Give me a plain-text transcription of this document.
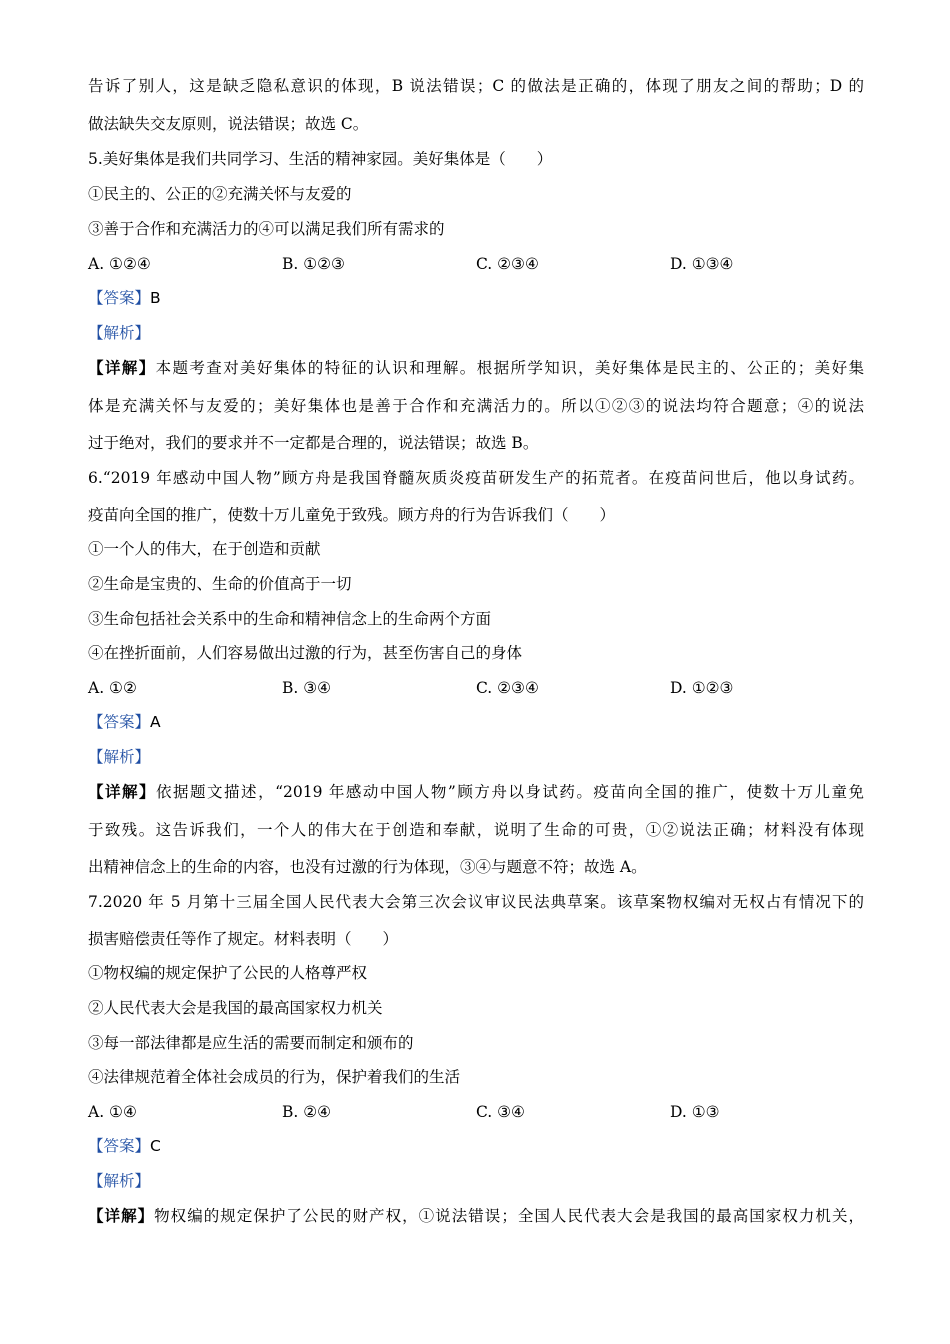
告诉了别人，这是缺乏隐私意识的体现，B 说法错误；C 的做法是正确的，体现了朋友之间的帮助；D 的
做法缺失交友原则，说法错误；故选 C。
5.美好集体是我们共同学习、生活的精神家园。美好集体是（　　）
①民主的、公正的②充满关怀与友爱的
③善于合作和充满活力的④可以满足我们所有需求的
A. ①②④	B. ①②③	C. ②③④	D. ①③④
【答案】B
【解析】
【详解】本题考查对美好集体的特征的认识和理解。根据所学知识，美好集体是民主的、公正的；美好集
体是充满关怀与友爱的；美好集体也是善于合作和充满活力的。所以①②③的说法均符合题意；④的说法
过于绝对，我们的要求并不一定都是合理的，说法错误；故选 B。
6.“2019 年感动中国人物”顾方舟是我国脊髓灰质炎疫苗研发生产的拓荒者。在疫苗问世后，他以身试药。
疫苗向全国的推广，使数十万儿童免于致残。顾方舟的行为告诉我们（　　）
①一个人的伟大，在于创造和贡献
②生命是宝贵的、生命的价值高于一切
③生命包括社会关系中的生命和精神信念上的生命两个方面
④在挫折面前，人们容易做出过激的行为，甚至伤害自己的身体
A. ①②	B. ③④	C. ②③④	D. ①②③
【答案】A
【解析】
【详解】依据题文描述，“2019 年感动中国人物”顾方舟以身试药。疫苗向全国的推广，使数十万儿童免
于致残。这告诉我们，一个人的伟大在于创造和奉献，说明了生命的可贵，①②说法正确；材料没有体现
出精神信念上的生命的内容，也没有过激的行为体现，③④与题意不符；故选 A。
7.2020 年 5 月第十三届全国人民代表大会第三次会议审议民法典草案。该草案物权编对无权占有情况下的
损害赔偿责任等作了规定。材料表明（　　）
①物权编的规定保护了公民的人格尊严权
②人民代表大会是我国的最高国家权力机关
③每一部法律都是应生活的需要而制定和颁布的
④法律规范着全体社会成员的行为，保护着我们的生活
A. ①④	B. ②④	C. ③④	D. ①③
【答案】C
【解析】
【详解】物权编的规定保护了公民的财产权，①说法错误；全国人民代表大会是我国的最高国家权力机关，
